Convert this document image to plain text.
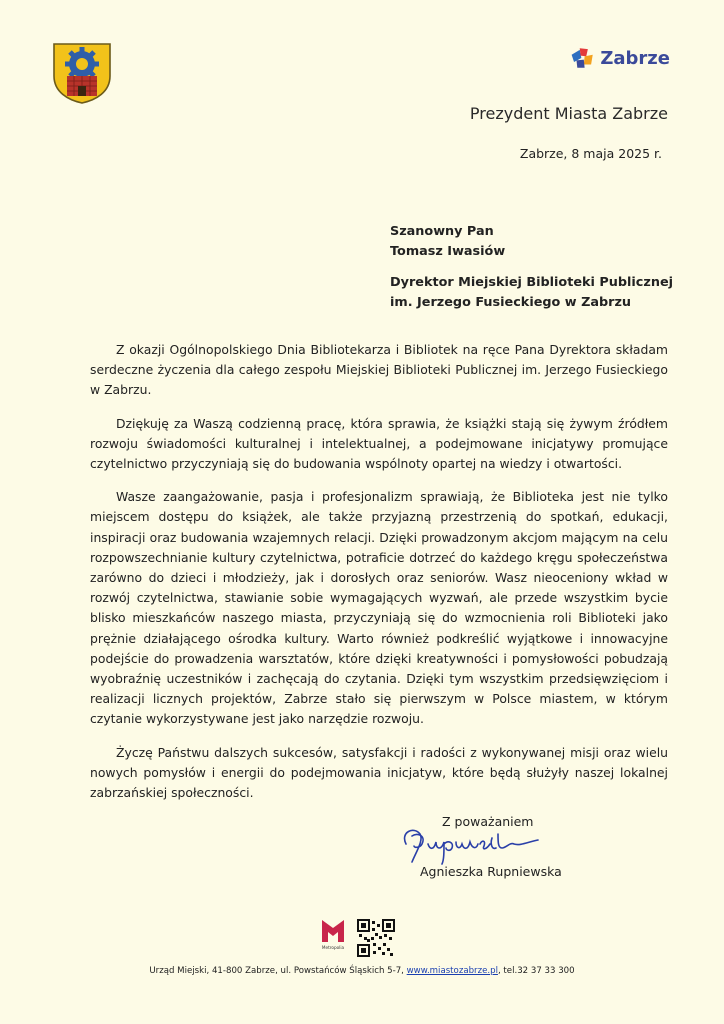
Zabrze
Prezydent Miasta Zabrze
Zabrze, 8 maja 2025 r.
Szanowny Pan
Tomasz Iwasiów
Dyrektor Miejskiej Biblioteki Publicznej
im. Jerzego Fusieckiego w Zabrzu

Z okazji Ogólnopolskiego Dnia Bibliotekarza i Bibliotek na ręce Pana Dyrektora składam serdeczne życzenia dla całego zespołu Miejskiej Biblioteki Publicznej im. Jerzego Fusieckiego w Zabrzu.

Dziękuję za Waszą codzienną pracę, która sprawia, że książki stają się żywym źródłem rozwoju świadomości kulturalnej i intelektualnej, a podejmowane inicjatywy promujące czytelnictwo przyczyniają się do budowania wspólnoty opartej na wiedzy i otwartości.

Wasze zaangażowanie, pasja i profesjonalizm sprawiają, że Biblioteka jest nie tylko miejscem dostępu do książek, ale także przyjazną przestrzenią do spotkań, edukacji, inspiracji oraz budowania wzajemnych relacji. Dzięki prowadzonym akcjom mającym na celu rozpowszechnianie kultury czytelnictwa, potraficie dotrzeć do każdego kręgu społeczeństwa zarówno do dzieci i młodzieży, jak i dorosłych oraz seniorów. Wasz nieoceniony wkład w rozwój czytelnictwa, stawianie sobie wymagających wyzwań, ale przede wszystkim bycie blisko mieszkańców naszego miasta, przyczyniają się do wzmocnienia roli Biblioteki jako prężnie działającego ośrodka kultury. Warto również podkreślić wyjątkowe i innowacyjne podejście do prowadzenia warsztatów, które dzięki kreatywności i pomysłowości pobudzają wyobraźnię uczestników i zachęcają do czytania. Dzięki tym wszystkim przedsięwzięciom i realizacji licznych projektów, Zabrze stało się pierwszym w Polsce miastem, w którym czytanie wykorzystywane jest jako narzędzie rozwoju.

Życzę Państwu dalszych sukcesów, satysfakcji i radości z wykonywanej misji oraz wielu nowych pomysłów i energii do podejmowania inicjatyw, które będą służyły naszej lokalnej zabrzańskiej społeczności.

Z poważaniem
Agnieszka Rupniewska
Metropolia
Urząd Miejski, 41-800 Zabrze, ul. Powstańców Śląskich 5-7, www.miastozabrze.pl, tel.32 37 33 300
